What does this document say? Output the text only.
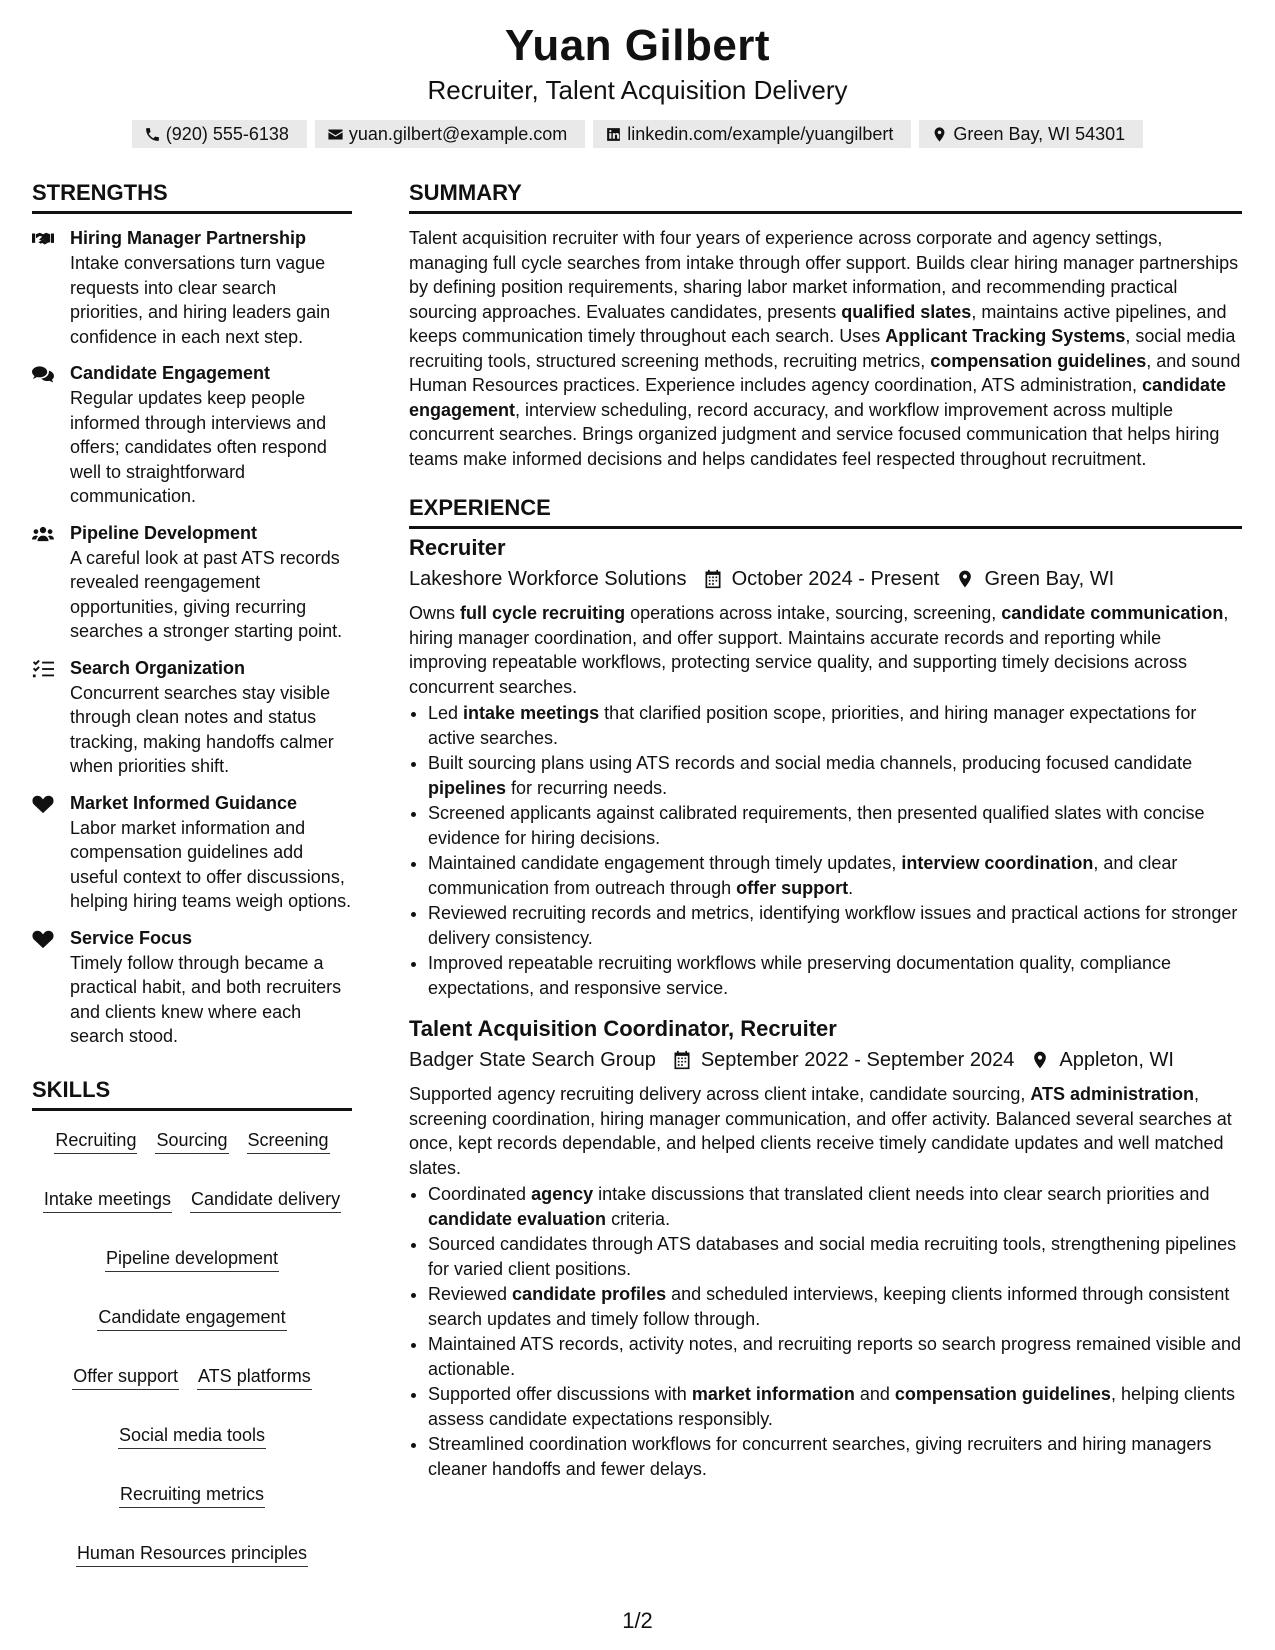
Yuan Gilbert
Recruiter, Talent Acquisition Delivery
(920) 555-6138	yuan.gilbert@example.com	linkedin.com/example/yuangilbert	Green Bay, WI 54301
STRENGTHS
Hiring Manager Partnership
Intake conversations turn vague requests into clear search priorities, and hiring leaders gain confidence in each next step.
Candidate Engagement
Regular updates keep people informed through interviews and offers; candidates often respond well to straightforward communication.
Pipeline Development
A careful look at past ATS records revealed reengagement opportunities, giving recurring searches a stronger starting point.
Search Organization
Concurrent searches stay visible through clean notes and status tracking, making handoffs calmer when priorities shift.
Market Informed Guidance
Labor market information and compensation guidelines add useful context to offer discussions, helping hiring teams weigh options.
Service Focus
Timely follow through became a practical habit, and both recruiters and clients knew where each search stood.
SKILLS
Recruiting Sourcing Screening
Intake meetings Candidate delivery
Pipeline development
Candidate engagement
Offer support ATS platforms
Social media tools
Recruiting metrics
Human Resources principles
SUMMARY
Talent acquisition recruiter with four years of experience across corporate and agency settings, managing full cycle searches from intake through offer support. Builds clear hiring manager partnerships by defining position requirements, sharing labor market information, and recommending practical sourcing approaches. Evaluates candidates, presents qualified slates, maintains active pipelines, and keeps communication timely throughout each search. Uses Applicant Tracking Systems, social media recruiting tools, structured screening methods, recruiting metrics, compensation guidelines, and sound Human Resources practices. Experience includes agency coordination, ATS administration, candidate engagement, interview scheduling, record accuracy, and workflow improvement across multiple concurrent searches. Brings organized judgment and service focused communication that helps hiring teams make informed decisions and helps candidates feel respected throughout recruitment.
EXPERIENCE
Recruiter
Lakeshore Workforce Solutions October 2024 - Present Green Bay, WI
Owns full cycle recruiting operations across intake, sourcing, screening, candidate communication, hiring manager coordination, and offer support. Maintains accurate records and reporting while improving repeatable workflows, protecting service quality, and supporting timely decisions across concurrent searches.
• Led intake meetings that clarified position scope, priorities, and hiring manager expectations for active searches.
• Built sourcing plans using ATS records and social media channels, producing focused candidate pipelines for recurring needs.
• Screened applicants against calibrated requirements, then presented qualified slates with concise evidence for hiring decisions.
• Maintained candidate engagement through timely updates, interview coordination, and clear communication from outreach through offer support.
• Reviewed recruiting records and metrics, identifying workflow issues and practical actions for stronger delivery consistency.
• Improved repeatable recruiting workflows while preserving documentation quality, compliance expectations, and responsive service.
Talent Acquisition Coordinator, Recruiter
Badger State Search Group September 2022 - September 2024 Appleton, WI
Supported agency recruiting delivery across client intake, candidate sourcing, ATS administration, screening coordination, hiring manager communication, and offer activity. Balanced several searches at once, kept records dependable, and helped clients receive timely candidate updates and well matched slates.
• Coordinated agency intake discussions that translated client needs into clear search priorities and candidate evaluation criteria.
• Sourced candidates through ATS databases and social media recruiting tools, strengthening pipelines for varied client positions.
• Reviewed candidate profiles and scheduled interviews, keeping clients informed through consistent search updates and timely follow through.
• Maintained ATS records, activity notes, and recruiting reports so search progress remained visible and actionable.
• Supported offer discussions with market information and compensation guidelines, helping clients assess candidate expectations responsibly.
• Streamlined coordination workflows for concurrent searches, giving recruiters and hiring managers cleaner handoffs and fewer delays.
1/2
